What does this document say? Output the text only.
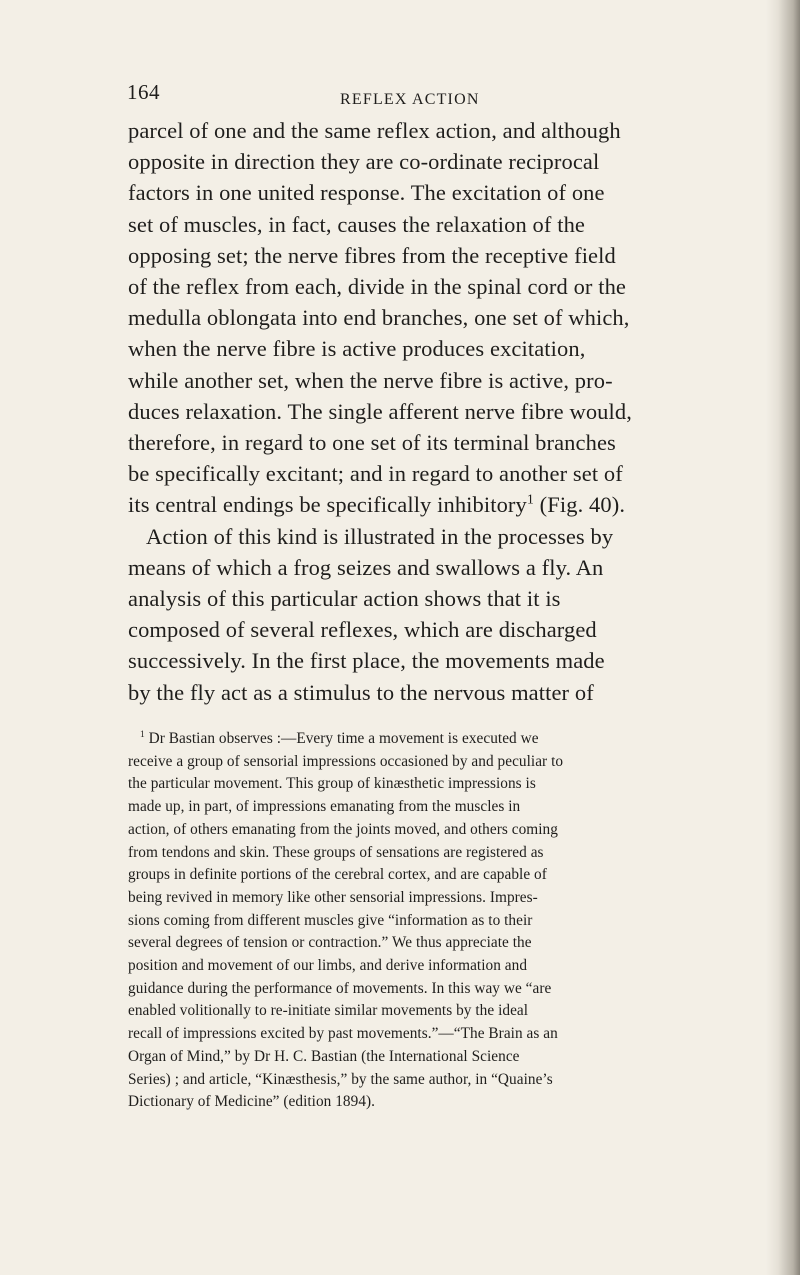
164	REFLEX ACTION
parcel of one and the same reflex action, and although
opposite in direction they are co-ordinate reciprocal
factors in one united response. The excitation of one
set of muscles, in fact, causes the relaxation of the
opposing set; the nerve fibres from the receptive field
of the reflex from each, divide in the spinal cord or the
medulla oblongata into end branches, one set of which,
when the nerve fibre is active produces excitation,
while another set, when the nerve fibre is active, pro-
duces relaxation. The single afferent nerve fibre would,
therefore, in regard to one set of its terminal branches
be specifically excitant; and in regard to another set of
its central endings be specifically inhibitory$^1$ (Fig. 40).
Action of this kind is illustrated in the processes by
means of which a frog seizes and swallows a fly. An
analysis of this particular action shows that it is
composed of several reflexes, which are discharged
successively. In the first place, the movements made
by the fly act as a stimulus to the nervous matter of
$^1$ Dr Bastian observes :—Every time a movement is executed we
receive a group of sensorial impressions occasioned by and peculiar to
the particular movement. This group of kinæsthetic impressions is
made up, in part, of impressions emanating from the muscles in
action, of others emanating from the joints moved, and others coming
from tendons and skin. These groups of sensations are registered as
groups in definite portions of the cerebral cortex, and are capable of
being revived in memory like other sensorial impressions. Impres-
sions coming from different muscles give “information as to their
several degrees of tension or contraction.” We thus appreciate the
position and movement of our limbs, and derive information and
guidance during the performance of movements. In this way we “are
enabled volitionally to re-initiate similar movements by the ideal
recall of impressions excited by past movements.”—“The Brain as an
Organ of Mind,” by Dr H. C. Bastian (the International Science
Series) ; and article, “Kinæsthesis,” by the same author, in “Quaine’s
Dictionary of Medicine” (edition 1894).
